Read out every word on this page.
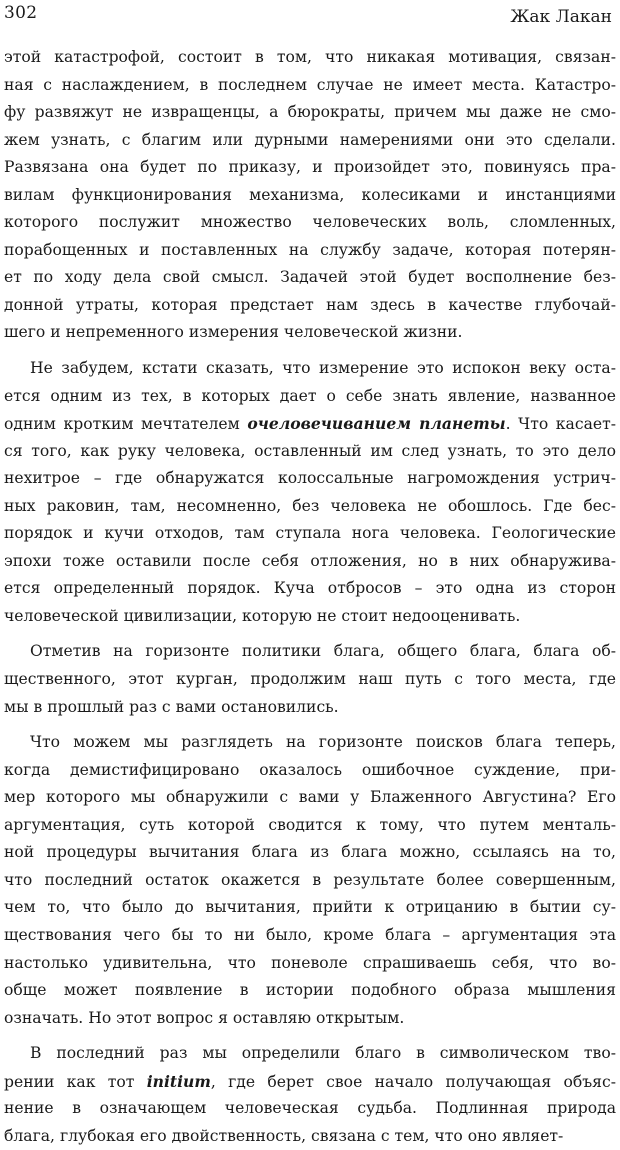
302	Жак Лакан
этой катастрофой, состоит в том, что никакая мотивация, связан-
ная с наслаждением, в последнем случае не имеет места. Катастро-
фу развяжут не извращенцы, а бюрократы, причем мы даже не смо-
жем узнать, с благим или дурными намерениями они это сделали.
Развязана она будет по приказу, и произойдет это, повинуясь пра-
вилам функционирования механизма, колесиками и инстанциями
которого послужит множество человеческих воль, сломленных,
порабощенных и поставленных на службу задаче, которая потерян-
ет по ходу дела свой смысл. Задачей этой будет восполнение без-
донной утраты, которая предстает нам здесь в качестве глубочай-
шего и непременного измерения человеческой жизни.
Не забудем, кстати сказать, что измерение это испокон веку оста-
ется одним из тех, в которых дает о себе знать явление, названное
одним кротким мечтателем очеловечиванием планеты. Что касает-
ся того, как руку человека, оставленный им след узнать, то это дело
нехитрое – где обнаружатся колоссальные нагромождения устрич-
ных раковин, там, несомненно, без человека не обошлось. Где бес-
порядок и кучи отходов, там ступала нога человека. Геологические
эпохи тоже оставили после себя отложения, но в них обнаружива-
ется определенный порядок. Куча отбросов – это одна из сторон
человеческой цивилизации, которую не стоит недооценивать.
Отметив на горизонте политики блага, общего блага, блага об-
щественного, этот курган, продолжим наш путь с того места, где
мы в прошлый раз с вами остановились.
Что можем мы разглядеть на горизонте поисков блага теперь,
когда демистифицировано оказалось ошибочное суждение, при-
мер которого мы обнаружили с вами у Блаженного Августина? Его
аргументация, суть которой сводится к тому, что путем менталь-
ной процедуры вычитания блага из блага можно, ссылаясь на то,
что последний остаток окажется в результате более совершенным,
чем то, что было до вычитания, прийти к отрицанию в бытии су-
ществования чего бы то ни было, кроме блага – аргументация эта
настолько удивительна, что поневоле спрашиваешь себя, что во-
обще может появление в истории подобного образа мышления
означать. Но этот вопрос я оставляю открытым.
В последний раз мы определили благо в символическом тво-
рении как тот initium, где берет свое начало получающая объяс-
нение в означающем человеческая судьба. Подлинная природа
блага, глубокая его двойственность, связана с тем, что оно являет-
